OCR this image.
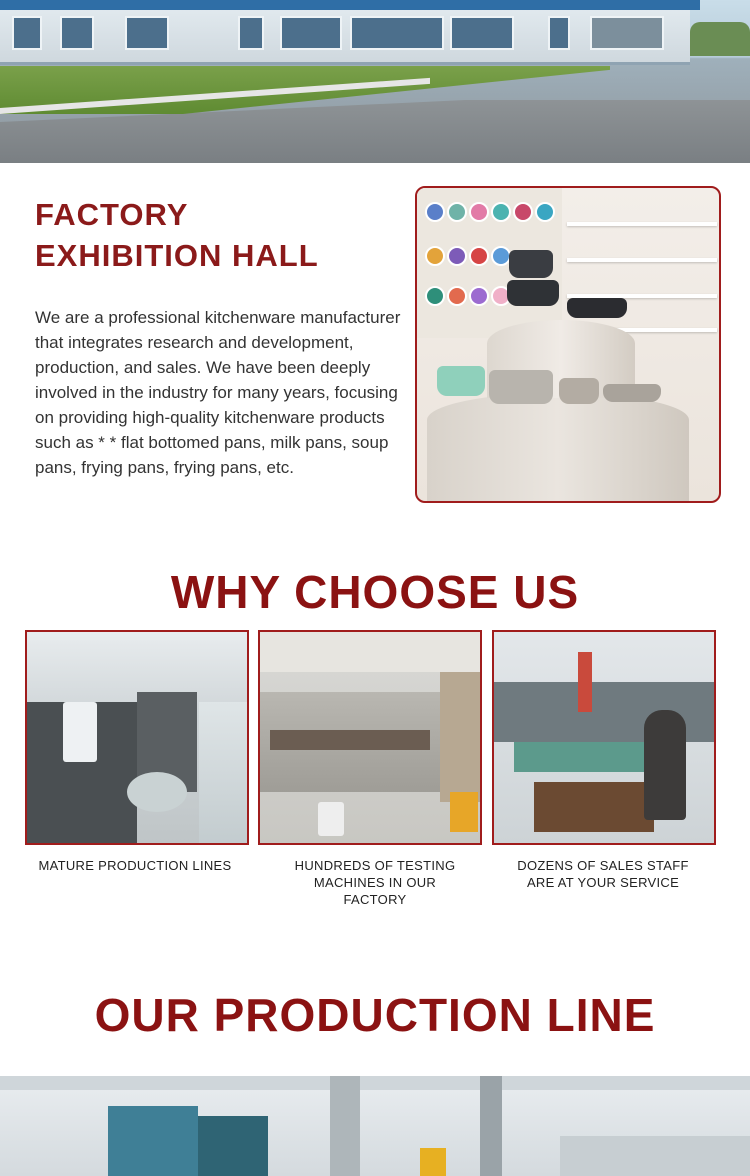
FACTORY
EXHIBITION HALL

We are a professional kitchenware manufacturer that integrates research and development, production, and sales. We have been deeply involved in the industry for many years, focusing on providing high-quality kitchenware products such as * * flat bottomed pans, milk pans, soup pans, frying pans, frying pans, etc.

WHY CHOOSE US

MATURE PRODUCTION LINES	HUNDREDS OF TESTING MACHINES IN OUR FACTORY

DOZENS OF SALES STAFF ARE AT YOUR SERVICE

OUR PRODUCTION LINE
